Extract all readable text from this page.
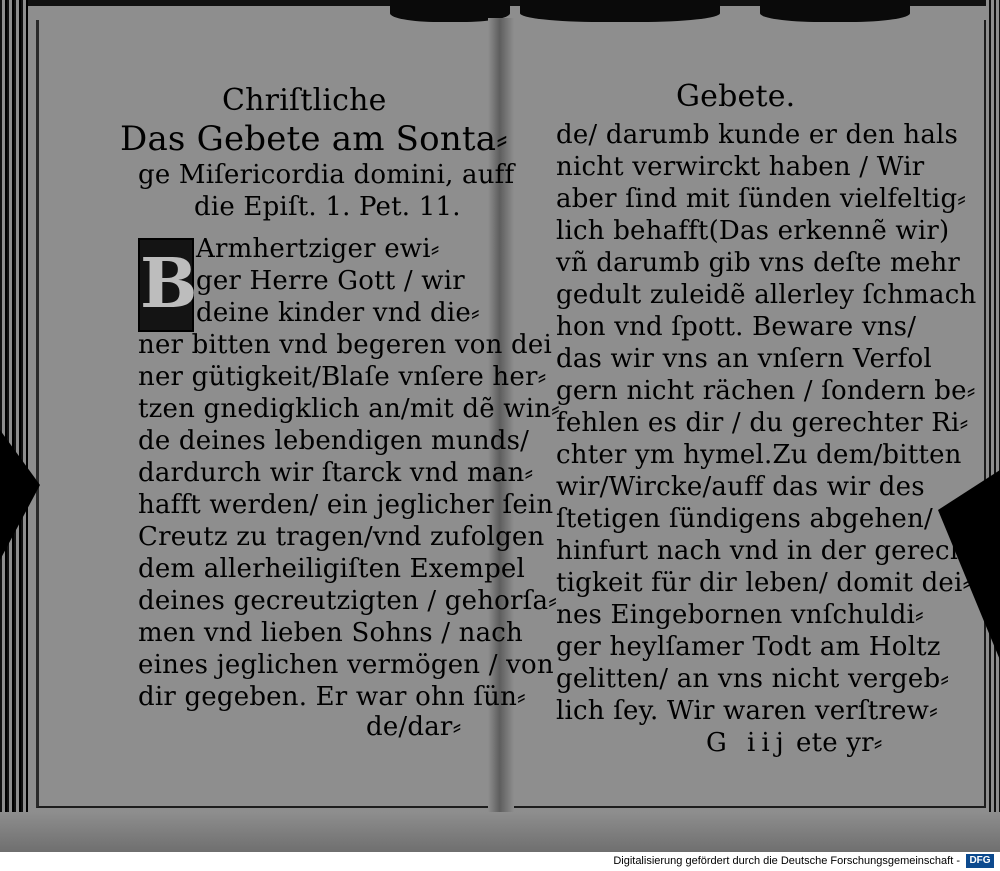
Chriſtliche
Das Gebete am Sonta⸗
ge Miſericordia domini, auff
die Epiſt. 1. Pet. 11.
B
Armhertziger ewi⸗
ger Herre Gott / wir
deine kinder vnd die⸗
ner bitten vnd begeren von dei
ner gütigkeit/Blaſe vnſere her⸗
tzen gnedigklich an/mit dẽ win⸗
de deines lebendigen munds/
dardurch wir ſtarck vnd man⸗
hafft werden/ ein jeglicher ſein
Creutz zu tragen/vnd zufolgen
dem allerheiligiſten Exempel
deines gecreutzigten / gehorſa⸗
men vnd lieben Sohns / nach
eines jeglichen vermögen / von
dir gegeben. Er war ohn ſün⸗
de/dar⸗
Gebete.
de/ darumb kunde er den hals
nicht verwirckt haben / Wir
aber ſind mit ſünden vielfeltig⸗
lich behafft(Das erkennẽ wir)
vñ darumb gib vns deſte mehr
gedult zuleidẽ allerley ſchmach
hon vnd ſpott. Beware vns/
das wir vns an vnſern Verfol
gern nicht rächen / ſondern be⸗
fehlen es dir / du gerechter Ri⸗
chter ym hymel.Zu dem/bitten
wir/Wircke/auff das wir des
ſtetigen ſündigens abgehen/ vñ
hinfurt nach vnd in der gerech
tigkeit für dir leben/ domit dei⸗
nes Eingebornen vnſchuldi⸗
ger heylſamer Todt am Holtz
gelitten/ an vns nicht vergeb⸗
lich ſey. Wir waren verſtrew⸗
G iij ete yr⸗
Digitalisierung gefördert durch die Deutsche Forschungsgemeinschaft - DFG
